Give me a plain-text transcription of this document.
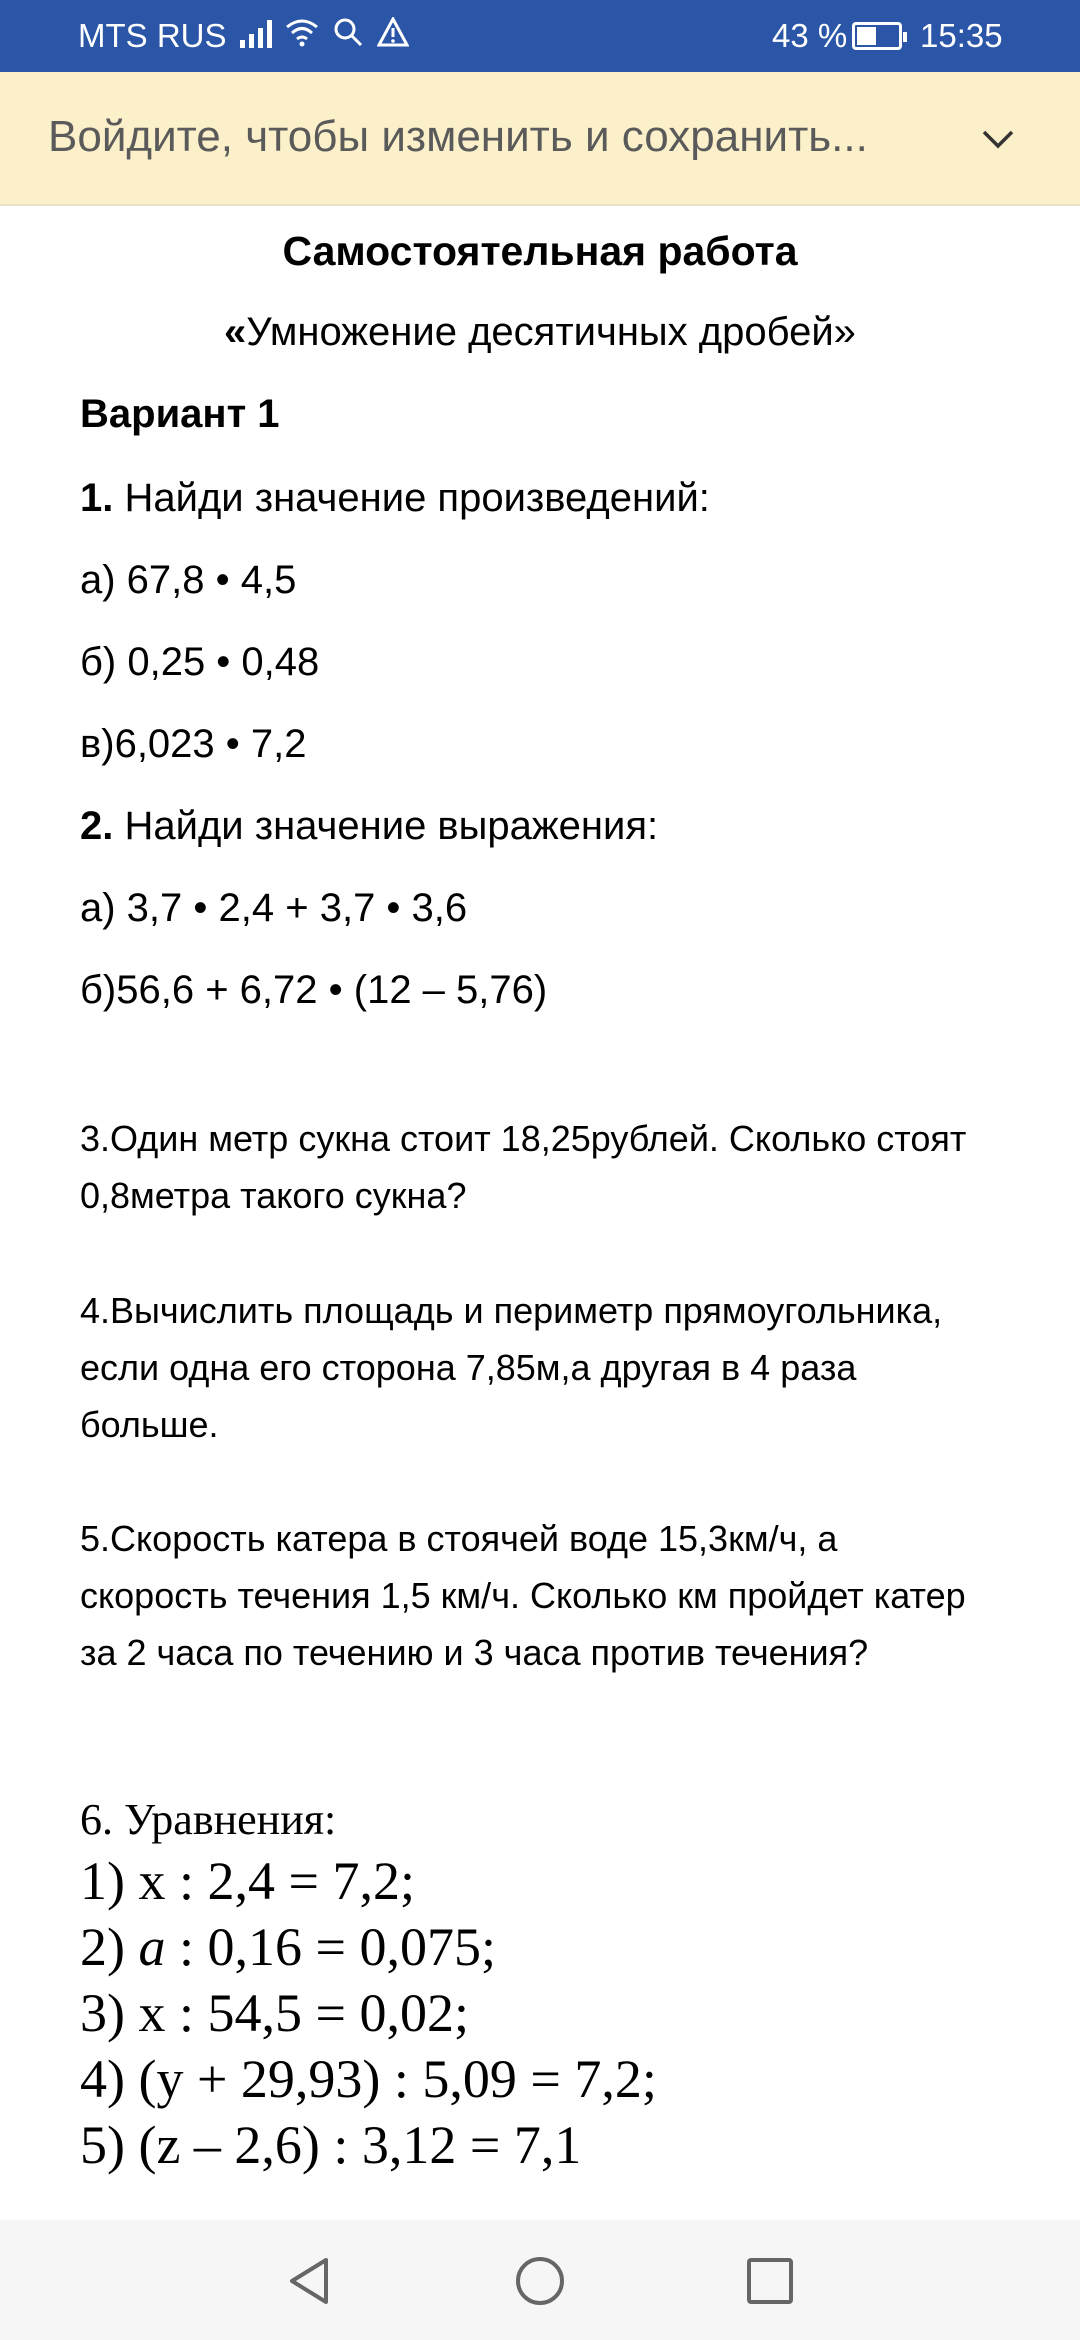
MTS RUS	43 % 15:35
Войдите, чтобы изменить и сохранить...
Самостоятельная работа
«Умножение десятичных дробей»
Вариант 1
1. Найди значение произведений:
а) 67,8 • 4,5
б) 0,25 • 0,48
в)6,023 • 7,2
2. Найди значение выражения:
а) 3,7 • 2,4 + 3,7 • 3,6
б)56,6 + 6,72 • (12 – 5,76)
3.Один метр сукна стоит 18,25рублей. Сколько стоят 0,8метра такого сукна?
4.Вычислить площадь и периметр прямоугольника, если одна его сторона 7,85м,а другая в 4 раза больше.
5.Скорость катера в стоячей воде 15,3км/ч, а скорость течения 1,5 км/ч. Сколько км пройдет катер за 2 часа по течению и 3 часа против течения?
6. Уравнения:
1) х : 2,4 = 7,2;
2) а : 0,16 = 0,075;
3) х : 54,5 = 0,02;
4) (у + 29,93) : 5,09 = 7,2;
5) (z – 2,6) : 3,12 = 7,1
